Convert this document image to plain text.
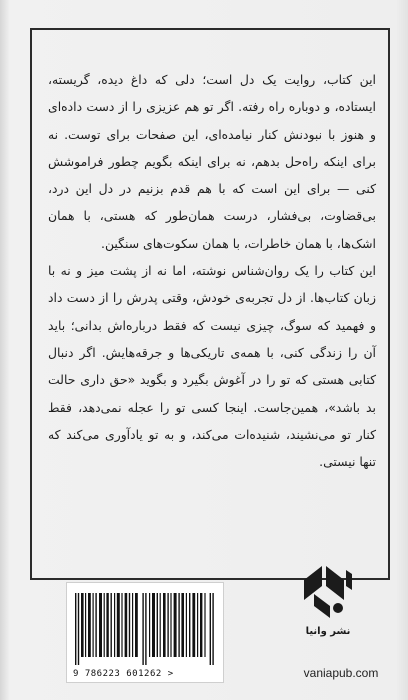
این کتاب، روایت یک دل است؛ دلی که داغ دیده، گریسته، ایستاده، و دوباره راه رفته. اگر تو هم عزیزی را از دست داده‌ای و هنوز با نبودنش کنار نیامده‌ای، این صفحات برای توست. نه برای اینکه راه‌حل بدهم، نه برای اینکه بگویم چطور فراموشش کنی — برای این است که با هم قدم بزنیم در دل این درد، بی‌قضاوت، بی‌فشار، درست همان‌طور که هستی، با همان اشک‌ها، با همان خاطرات، با همان سکوت‌های سنگین.

این کتاب را یک روان‌شناس نوشته، اما نه از پشت میز و نه با زبان کتاب‌ها. از دل تجربه‌ی خودش، وقتی پدرش را از دست داد و فهمید که سوگ، چیزی نیست که فقط درباره‌اش بدانی؛ باید آن را زندگی کنی، با همه‌ی تاریکی‌ها و جرقه‌هایش. اگر دنبال کتابی هستی که تو را در آغوش بگیرد و بگوید «حق داری حالت بد باشد»، همین‌جاست. اینجا کسی تو را عجله نمی‌دهد، فقط کنار تو می‌نشیند، شنیده‌ات می‌کند، و به تو یادآوری می‌کند که تنها نیستی.

9 786223 601262 >
نشر وانیا
vaniapub.com
